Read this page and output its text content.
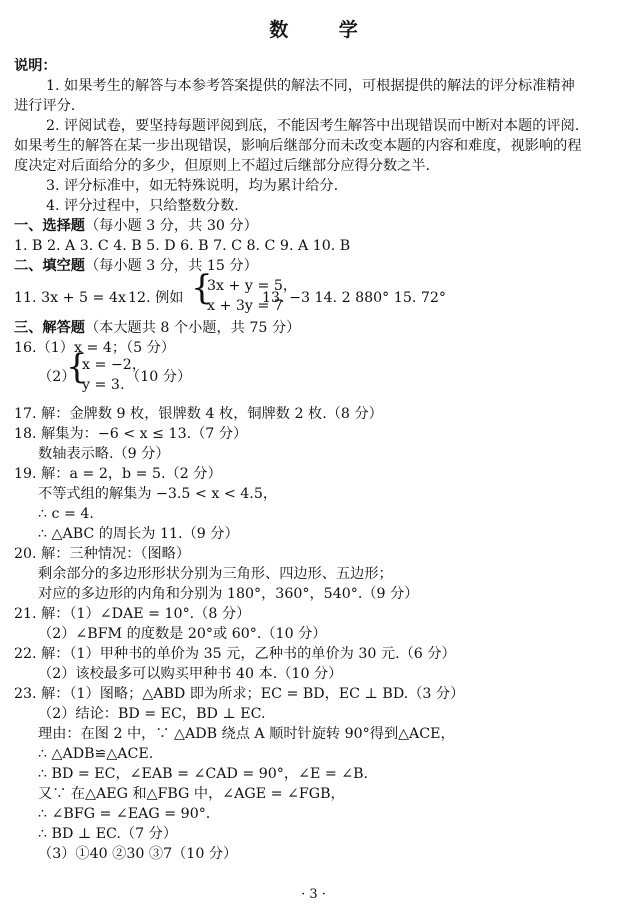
数 学
说明：
1. 如果考生的解答与本参考答案提供的解法不同，可根据提供的解法的评分标准精神
进行评分.
2. 评阅试卷，要坚持每题评阅到底，不能因考生解答中出现错误而中断对本题的评阅.
如果考生的解答在某一步出现错误，影响后继部分而未改变本题的内容和难度，视影响的程
度决定对后面给分的多少，但原则上不超过后继部分应得分数之半.
3. 评分标准中，如无特殊说明，均为累计给分.
4. 评分过程中，只给整数分数.
一、选择题（每小题 3 分，共 30 分）
1. B 2. A 3. C 4. B 5. D 6. B 7. C 8. C 9. A 10. B
二、填空题（每小题 3 分，共 15 分）
11. 3x + 5 = 4x 12. 例如 {
3x + y = 5，
x + 3y = 7
13. −3 14. 2 880° 15. 72°
三、解答题（本大题共 8 个小题，共 75 分）
16.（1）x = 4；（5 分）
（2）
{
x = −2，
y = 3. （10 分）
17. 解：金牌数 9 枚，银牌数 4 枚，铜牌数 2 枚.（8 分）
18. 解集为：−6 < x ≤ 13.（7 分）
数轴表示略.（9 分）
19. 解：a = 2，b = 5.（2 分）
不等式组的解集为 −3.5 < x < 4.5，
∴ c = 4.
∴ △ABC 的周长为 11.（9 分）
20. 解：三种情况：（图略）
剩余部分的多边形形状分别为三角形、四边形、五边形；
对应的多边形的内角和分别为 180°，360°，540°.（9 分）
21. 解：（1）∠DAE = 10°.（8 分）
（2）∠BFM 的度数是 20°或 60°.（10 分）
22. 解：（1）甲种书的单价为 35 元，乙种书的单价为 30 元.（6 分）
（2）该校最多可以购买甲种书 40 本.（10 分）
23. 解：（1）图略；△ABD 即为所求；EC = BD，EC ⊥ BD.（3 分）
（2）结论：BD = EC，BD ⊥ EC.
理由：在图 2 中，∵ △ADB 绕点 A 顺时针旋转 90°得到△ACE，
∴ △ADB≌△ACE.
∴ BD = EC，∠EAB = ∠CAD = 90°，∠E = ∠B.
又∵ 在△AEG 和△FBG 中，∠AGE = ∠FGB，
∴ ∠BFG = ∠EAG = 90°.
∴ BD ⊥ EC.（7 分）
（3）①40 ②30 ③7（10 分）
· 3 ·
